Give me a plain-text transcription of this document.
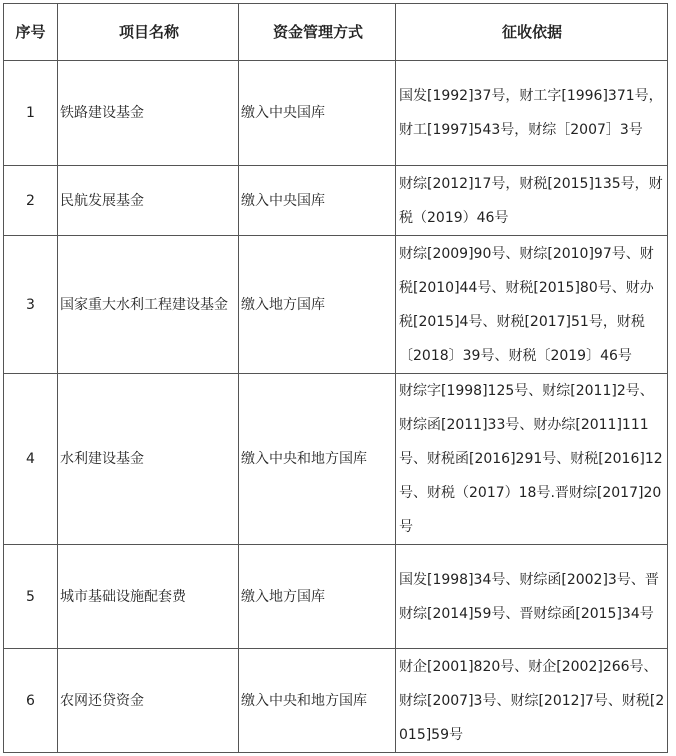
序号	项目名称	资金管理方式	征收依据
1	铁路建设基金	缴入中央国库	国发[1992]37号，财工字[1996]371号，财工[1997]543号，财综［2007］3号
2	民航发展基金	缴入中央国库	财综[2012]17号，财税[2015]135号，财税（2019）46号
3	国家重大水利工程建设基金	缴入地方国库	财综[2009]90号、财综[2010]97号、财税[2010]44号、财税[2015]80号、财办税[2015]4号、财税[2017]51号，财税〔2018〕39号、财税〔2019〕46号
4	水利建设基金	缴入中央和地方国库	财综字[1998]125号、财综[2011]2号、财综函[2011]33号、财办综[2011]111号、财税函[2016]291号、财税[2016]12号、财税（2017）18号.晋财综[2017]20号
5	城市基础设施配套费	缴入地方国库	国发[1998]34号、财综函[2002]3号、晋财综[2014]59号、晋财综函[2015]34号
6	农网还贷资金	缴入中央和地方国库	财企[2001]820号、财企[2002]266号、财综[2007]3号、财综[2012]7号、财税[2015]59号
